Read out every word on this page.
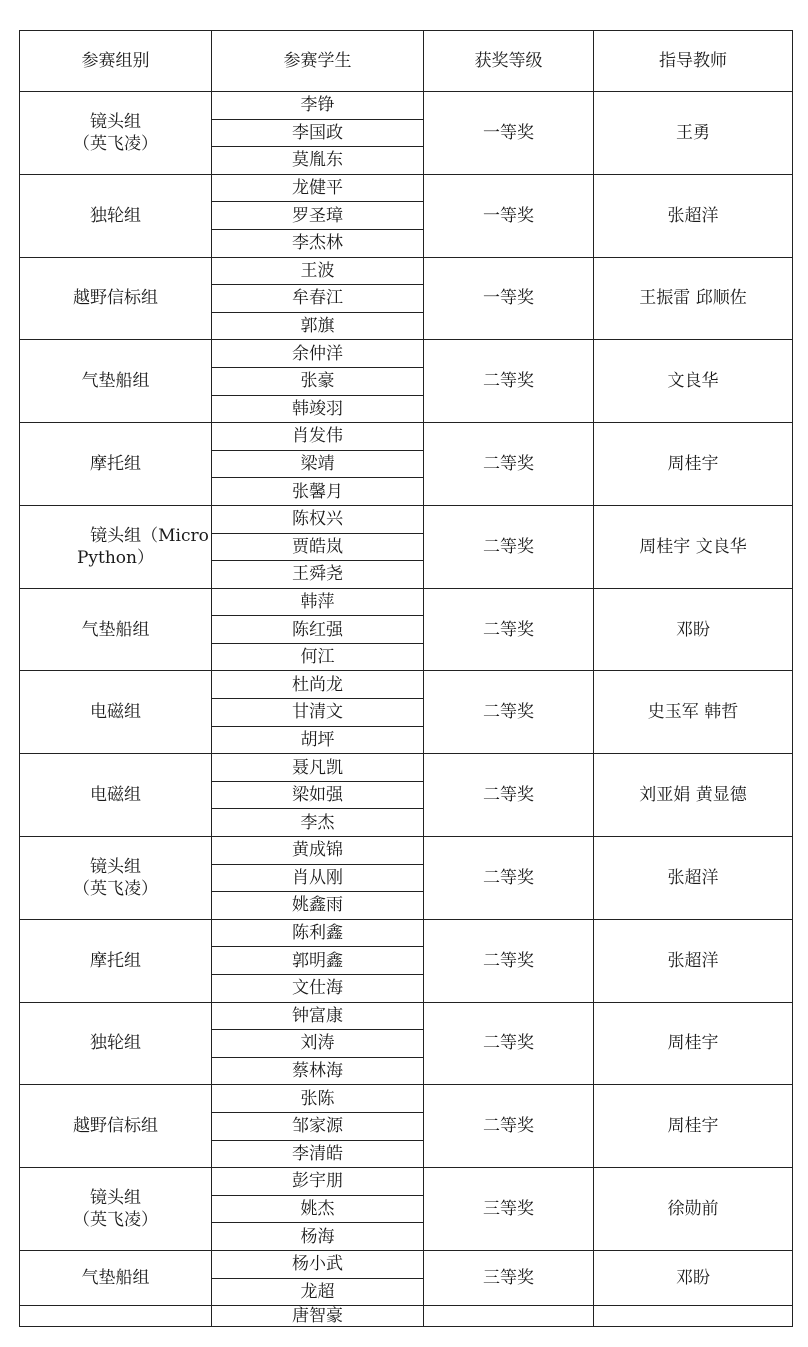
参赛组别	参赛学生	获奖等级	指导教师

镜头组
（英飞凌）	李铮	一等奖	王勇
	李国政		
	莫胤东		

独轮组	龙健平	一等奖	张超洋
	罗圣璋		
	李杰林		

越野信标组	王波	一等奖	王振雷 邱顺佐
	牟春江		
	郭旗		

气垫船组	余仲洋	二等奖	文良华
	张豪		
	韩竣羽		

摩托组	肖发伟	二等奖	周桂宇
	梁靖		
	张馨月		

镜头组（Micro
Python）	陈权兴	二等奖	周桂宇 文良华
	贾皓岚		
	王舜尧		

气垫船组	韩萍	二等奖	邓盼
	陈红强		
	何江		

电磁组	杜尚龙	二等奖	史玉军 韩哲
	甘清文		
	胡坪		

电磁组	聂凡凯	二等奖	刘亚娟 黄显德
	梁如强		
	李杰		

镜头组
（英飞凌）	黄成锦	二等奖	张超洋
	肖从刚		
	姚鑫雨		

摩托组	陈利鑫	二等奖	张超洋
	郭明鑫		
	文仕海		

独轮组	钟富康	二等奖	周桂宇
	刘涛		
	蔡林海		

越野信标组	张陈	二等奖	周桂宇
	邹家源		
	李清皓		

镜头组
（英飞凌）	彭宇朋	三等奖	徐勋前
	姚杰		
	杨海		

气垫船组	杨小武	三等奖	邓盼
	龙超		
	唐智豪		
